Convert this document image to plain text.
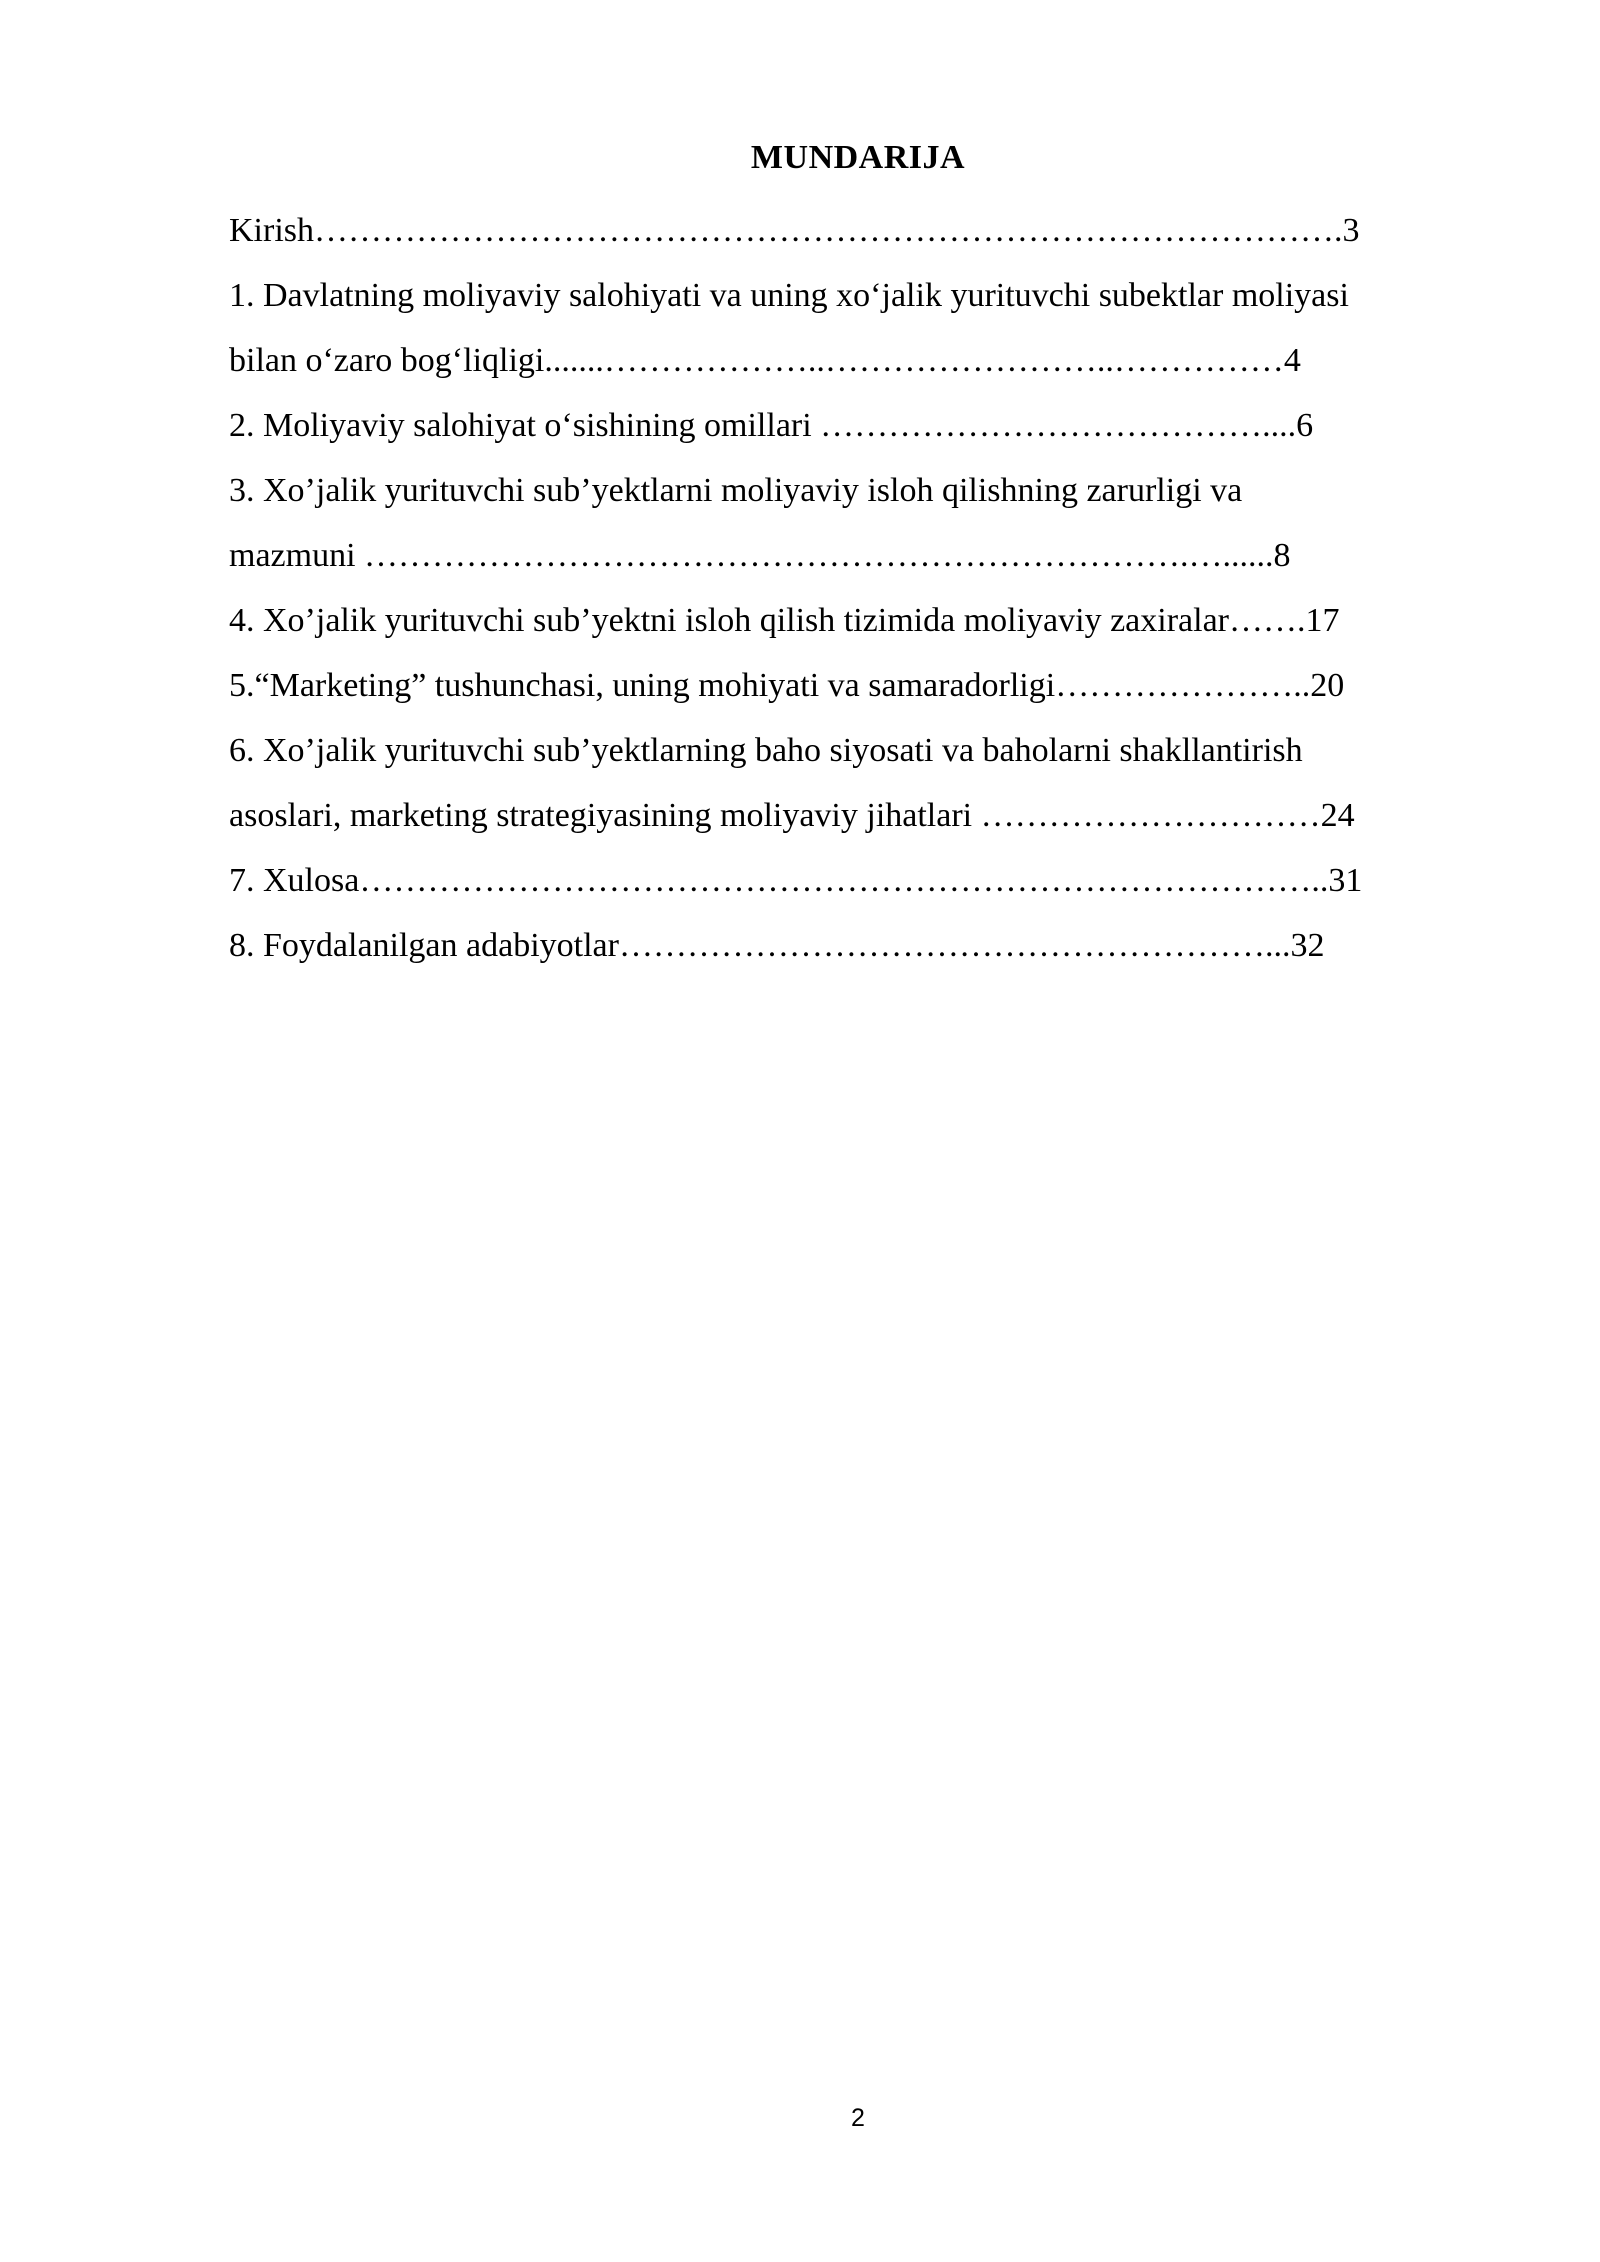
MUNDARIJA
Kirish……………………………………………………………………………….3
1. Davlatning moliyaviy salohiyati va uning xo‘jalik yurituvchi subektlar moliyasi
bilan o‘zaro bog‘liqligi.......………………..……………………..……………4
2. Moliyaviy salohiyat o‘sishining omillari …………………………………....6
3. Xo’jalik yurituvchi sub’yektlarni moliyaviy isloh qilishning zarurligi va
mazmuni ……………………………………………………………….…......8
4. Xo’jalik yurituvchi sub’yektni isloh qilish tizimida moliyaviy zaxiralar…….17
5.“Marketing” tushunchasi, uning mohiyati va samaradorligi…………………..20
6. Xo’jalik yurituvchi sub’yektlarning baho siyosati va baholarni shakllantirish
asoslari, marketing strategiyasining moliyaviy jihatlari …………………………24
7. Xulosa…………………………………………………………………………..31
8. Foydalanilgan adabiyotlar…………………………………………………...32
2
